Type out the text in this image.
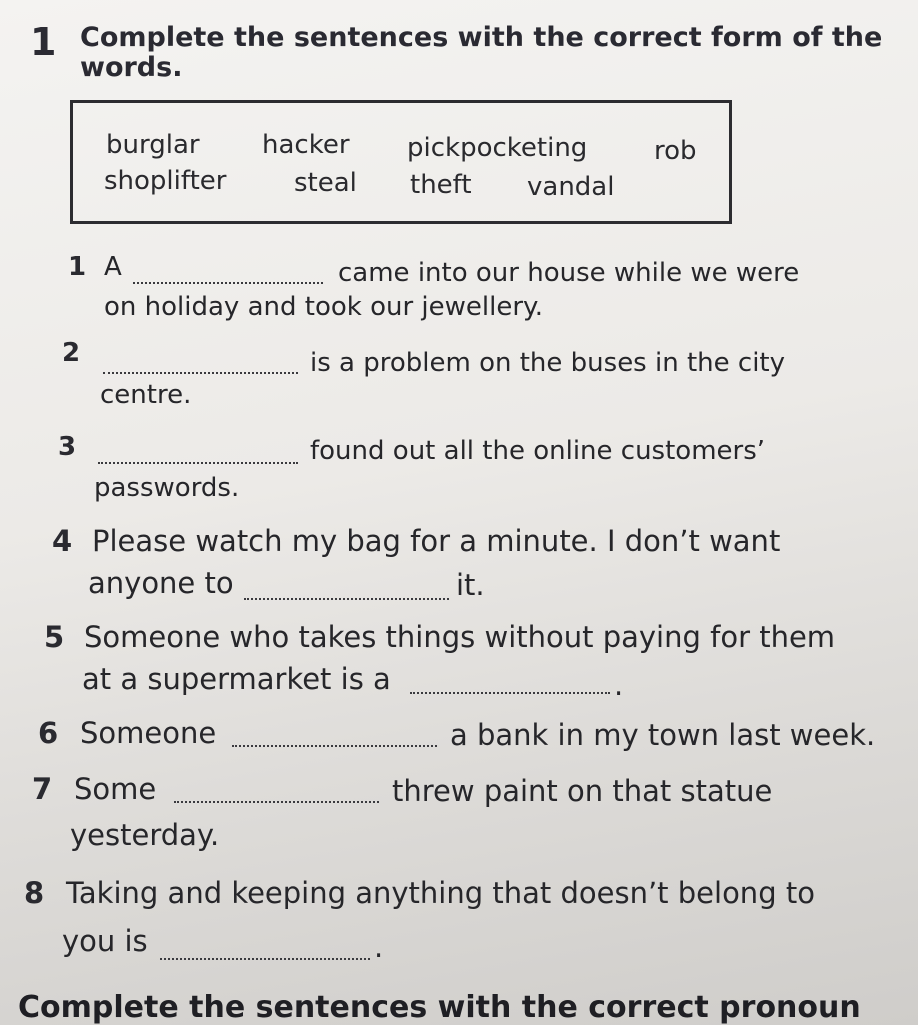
1 Complete the sentences with the correct form of the
words.
burglar hacker pickpocketing	rob
shoplifter	steal theft vandal
1 A	came into our house while we were
on holiday and took our jewellery.
2	is a problem on the buses in the city
centre.
3	found out all the online customers’
passwords.
4 Please watch my bag for a minute. I don’t want
anyone to	it.
5 Someone who takes things without paying for them
at a supermarket is a	.
6 Someone	a bank in my town last week.
7 Some	threw paint on that statue
yesterday.
8 Taking and keeping anything that doesn’t belong to
you is	.
Complete the sentences with the correct pronoun
